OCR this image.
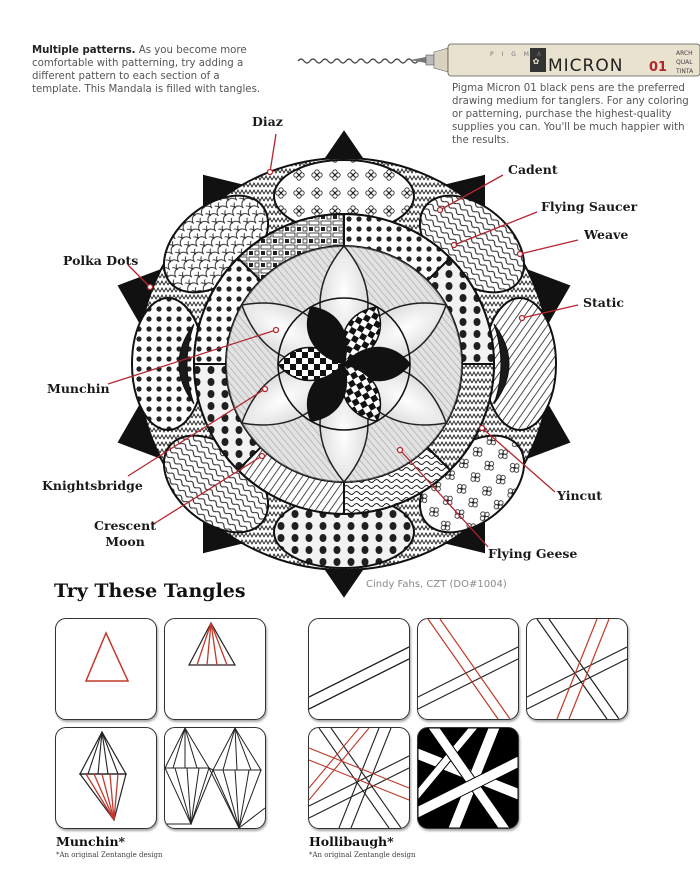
Multiple patterns. As you become more comfortable with patterning, try adding a different pattern to each section of a template. This Mandala is filled with tangles.
✿
P I G M A
MICRON 01
ARCH
QUAL
TINTA
Pigma Micron 01 black pens are the preferred drawing medium for tanglers. For any coloring or patterning, purchase the highest-quality supplies you can. You'll be much happier with the results.
Diaz
Cadent
Flying Saucer
Weave
Polka Dots
Static
Munchin
Knightsbridge
Crescent
Moon
Yincut
Flying Geese
Cindy Fahs, CZT (DO#1004)
Try These Tangles
Munchin*
*An original Zentangle design
Hollibaugh*
*An original Zentangle design
